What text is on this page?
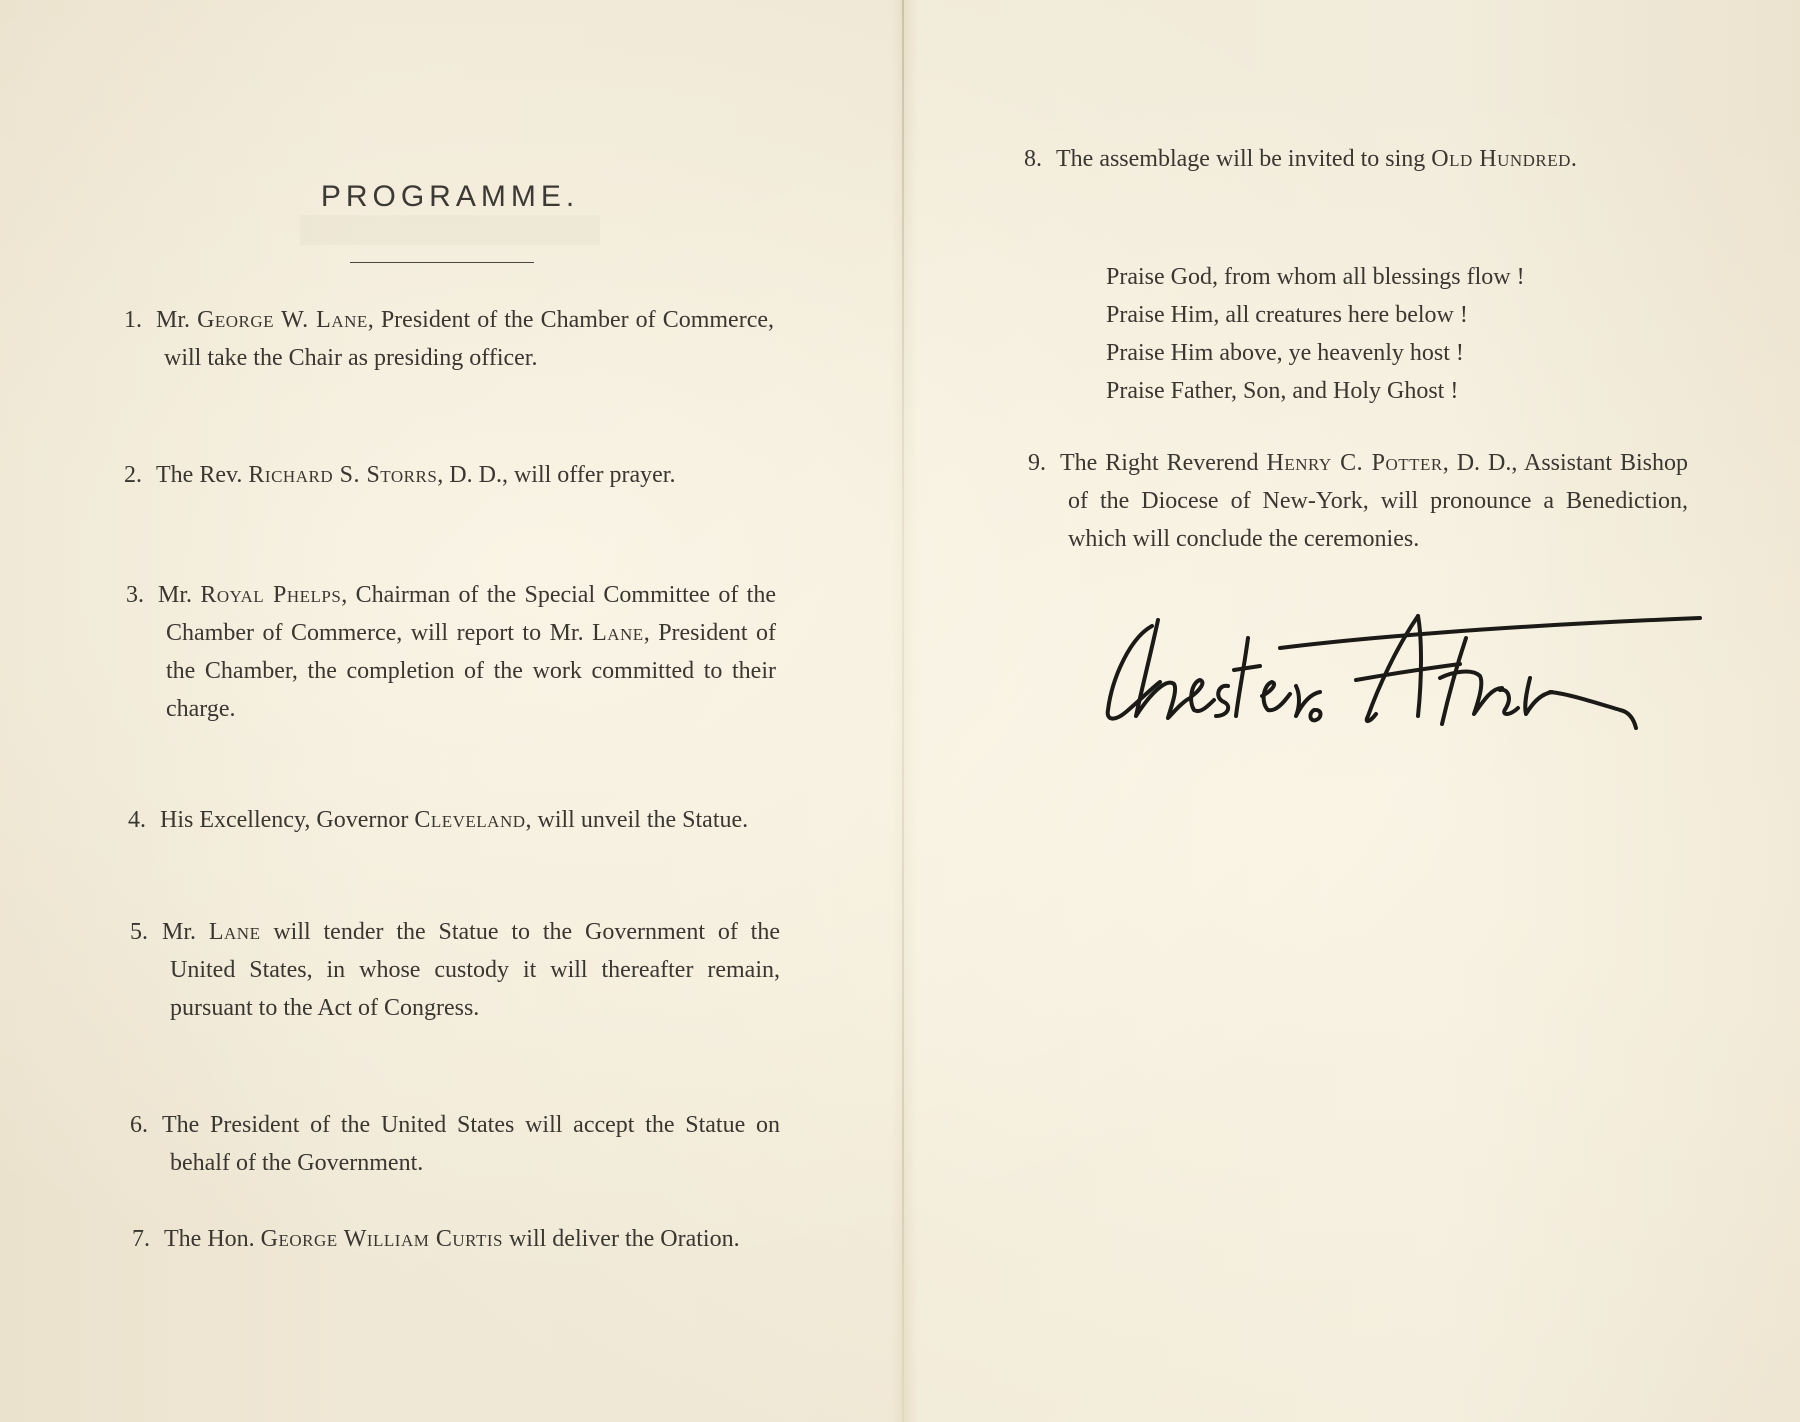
PROGRAMME.
1. Mr. George W. Lane, President of the Chamber of Commerce, will take the Chair as presiding officer.
2. The Rev. Richard S. Storrs, D. D., will offer prayer.
3. Mr. Royal Phelps, Chairman of the Special Committee of the Chamber of Commerce, will report to Mr. Lane, President of the Chamber, the completion of the work committed to their charge.
4. His Excellency, Governor Cleveland, will unveil the Statue.
5. Mr. Lane will tender the Statue to the Government of the United States, in whose custody it will thereafter remain, pursuant to the Act of Congress.
6. The President of the United States will accept the Statue on behalf of the Government.
7. The Hon. George William Curtis will deliver the Oration.
8. The assemblage will be invited to sing Old Hundred.
Praise God, from whom all blessings flow !
Praise Him, all creatures here below !
Praise Him above, ye heavenly host !
Praise Father, Son, and Holy Ghost !
9. The Right Reverend Henry C. Potter, D. D., Assistant Bishop of the Diocese of New-York, will pronounce a Benediction, which will conclude the ceremonies.
